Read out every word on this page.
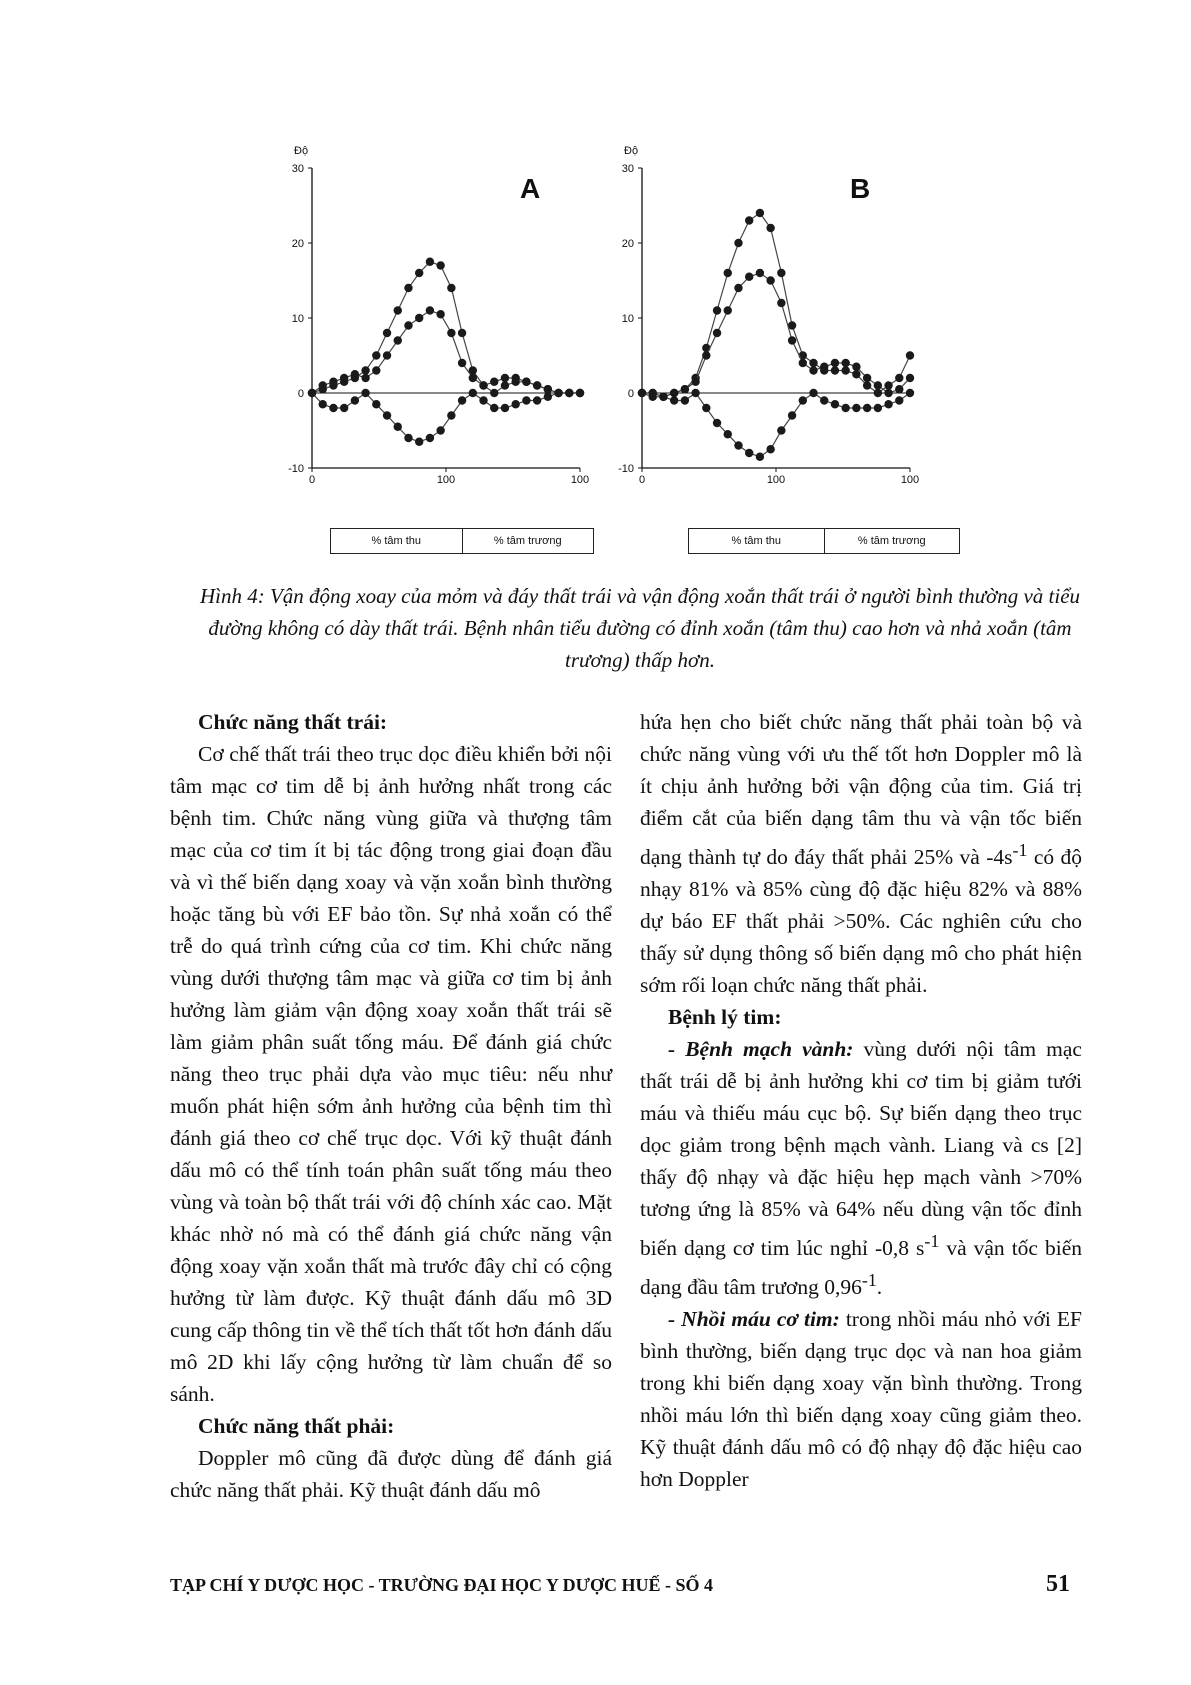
Độ
30
20
10
0
-10
0	100	100
A
Độ
30
20
10
0
-10
0	100	100
B
% tâm thu	% tâm trương	% tâm thu	% tâm trương
Hình 4: Vận động xoay của mỏm và đáy thất trái và vận động xoắn thất trái ở người bình thường và tiểu đường không có dày thất trái. Bệnh nhân tiểu đường có đỉnh xoắn (tâm thu) cao hơn và nhả xoắn (tâm trương) thấp hơn.
Chức năng thất trái:

Cơ chế thất trái theo trục dọc điều khiển bởi nội tâm mạc cơ tim dễ bị ảnh hưởng nhất trong các bệnh tim. Chức năng vùng giữa và thượng tâm mạc của cơ tim ít bị tác động trong giai đoạn đầu và vì thế biến dạng xoay và vặn xoắn bình thường hoặc tăng bù với EF bảo tồn. Sự nhả xoắn có thể trễ do quá trình cứng của cơ tim. Khi chức năng vùng dưới thượng tâm mạc và giữa cơ tim bị ảnh hưởng làm giảm vận động xoay xoắn thất trái sẽ làm giảm phân suất tống máu. Để đánh giá chức năng theo trục phải dựa vào mục tiêu: nếu như muốn phát hiện sớm ảnh hưởng của bệnh tim thì đánh giá theo cơ chế trục dọc. Với kỹ thuật đánh dấu mô có thể tính toán phân suất tống máu theo vùng và toàn bộ thất trái với độ chính xác cao. Mặt khác nhờ nó mà có thể đánh giá chức năng vận động xoay vặn xoắn thất mà trước đây chỉ có cộng hưởng từ làm được. Kỹ thuật đánh dấu mô 3D cung cấp thông tin về thể tích thất tốt hơn đánh dấu mô 2D khi lấy cộng hưởng từ làm chuẩn để so sánh.

Chức năng thất phải:

Doppler mô cũng đã được dùng để đánh giá chức năng thất phải. Kỹ thuật đánh dấu mô

hứa hẹn cho biết chức năng thất phải toàn bộ và chức năng vùng với ưu thế tốt hơn Doppler mô là ít chịu ảnh hưởng bởi vận động của tim. Giá trị điểm cắt của biến dạng tâm thu và vận tốc biến dạng thành tự do đáy thất phải 25% và $-4s^{-1}$ có độ nhạy 81% và 85% cùng độ đặc hiệu 82% và 88% dự báo EF thất phải >50%. Các nghiên cứu cho thấy sử dụng thông số biến dạng mô cho phát hiện sớm rối loạn chức năng thất phải.

Bệnh lý tim:

- Bệnh mạch vành: vùng dưới nội tâm mạc thất trái dễ bị ảnh hưởng khi cơ tim bị giảm tưới máu và thiếu máu cục bộ. Sự biến dạng theo trục dọc giảm trong bệnh mạch vành. Liang và cs [2] thấy độ nhạy và đặc hiệu hẹp mạch vành >70% tương ứng là 85% và 64% nếu dùng vận tốc đỉnh biến dạng cơ tim lúc nghỉ -0,8 $s^{-1}$ và vận tốc biến dạng đầu tâm trương $0,96^{-1}$.

- Nhồi máu cơ tim: trong nhồi máu nhỏ với EF bình thường, biến dạng trục dọc và nan hoa giảm trong khi biến dạng xoay vặn bình thường. Trong nhồi máu lớn thì biến dạng xoay cũng giảm theo. Kỹ thuật đánh dấu mô có độ nhạy độ đặc hiệu cao hơn Doppler

TẠP CHÍ Y DƯỢC HỌC - TRƯỜNG ĐẠI HỌC Y DƯỢC HUẾ - SỐ 4	51
